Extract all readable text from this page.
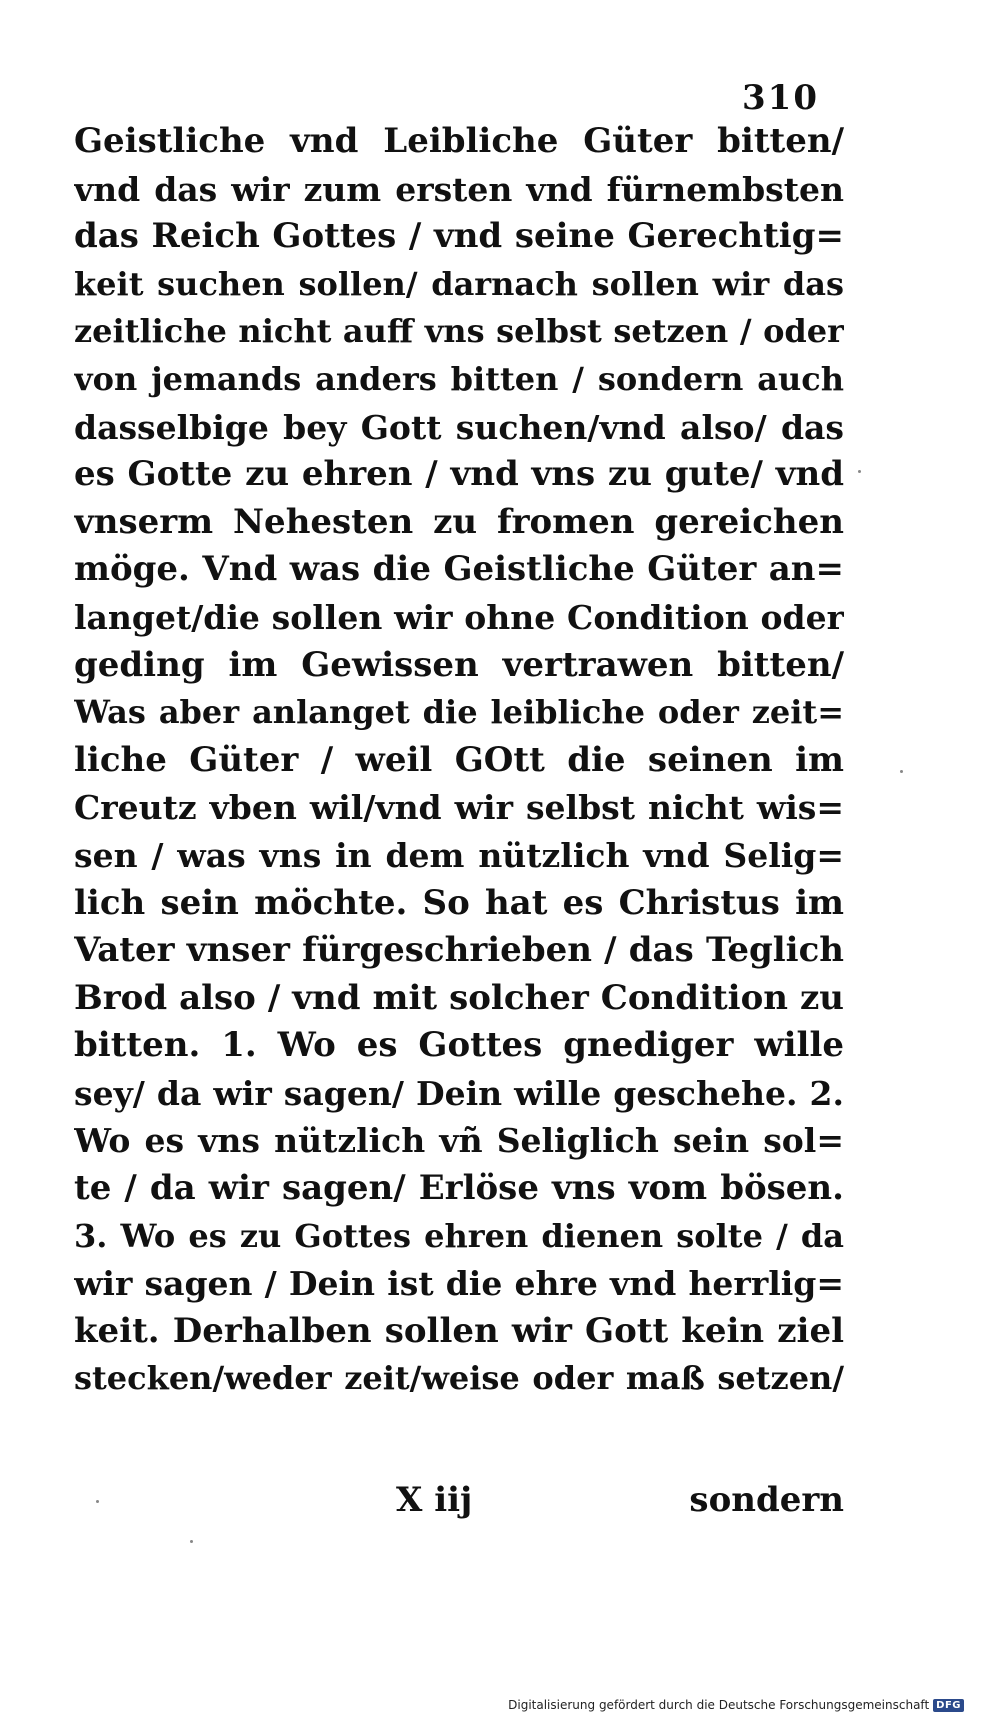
310
Geistliche vnd Leibliche Güter bitten/
vnd das wir zum ersten vnd fürnembsten
das Reich Gottes / vnd seine Gerechtig=
keit suchen sollen/ darnach sollen wir das
zeitliche nicht auff vns selbst setzen / oder
von jemands anders bitten / sondern auch
dasselbige bey Gott suchen/vnd also/ das
es Gotte zu ehren / vnd vns zu gute/ vnd
vnserm Nehesten zu fromen gereichen
möge. Vnd was die Geistliche Güter an=
langet/die sollen wir ohne Condition oder
geding im Gewissen vertrawen bitten/
Was aber anlanget die leibliche oder zeit=
liche Güter / weil GOtt die seinen im
Creutz vben wil/vnd wir selbst nicht wis=
sen / was vns in dem nützlich vnd Selig=
lich sein möchte. So hat es Christus im
Vater vnser fürgeschrieben / das Teglich
Brod also / vnd mit solcher Condition zu
bitten. 1. Wo es Gottes gnediger wille
sey/ da wir sagen/ Dein wille geschehe. 2.
Wo es vns nützlich vñ Seliglich sein sol=
te / da wir sagen/ Erlöse vns vom bösen.
3. Wo es zu Gottes ehren dienen solte / da
wir sagen / Dein ist die ehre vnd herrlig=
keit. Derhalben sollen wir Gott kein ziel
stecken/weder zeit/weise oder maß setzen/
X iij	sondern
Digitalisierung gefördert durch die Deutsche Forschungsgemeinschaft DFG
